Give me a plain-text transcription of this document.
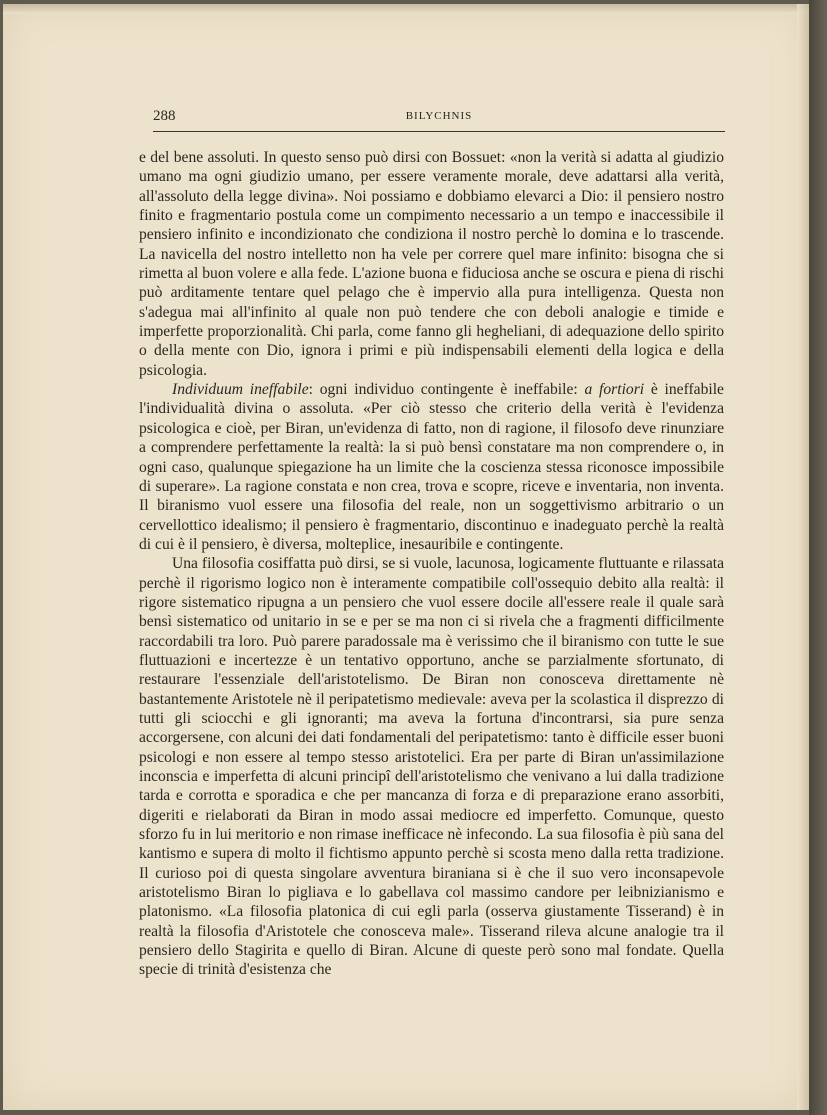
288	BILYCHNIS

e del bene assoluti. In questo senso può dirsi con Bossuet: «non la verità si adatta al giudizio umano ma ogni giudizio umano, per essere veramente morale, deve adattarsi alla verità, all'assoluto della legge divina». Noi possiamo e dobbiamo elevarci a Dio: il pensiero nostro finito e fragmentario postula come un compimento necessario a un tempo e inaccessibile il pensiero infinito e incondizionato che condiziona il nostro perchè lo domina e lo trascende. La navicella del nostro intelletto non ha vele per correre quel mare infinito: bisogna che si rimetta al buon volere e alla fede. L'azione buona e fiduciosa anche se oscura e piena di rischi può arditamente tentare quel pelago che è impervio alla pura intelligenza. Questa non s'adegua mai all'infinito al quale non può tendere che con deboli analogie e timide e imperfette proporzionalità. Chi parla, come fanno gli hegheliani, di adequazione dello spirito o della mente con Dio, ignora i primi e più indispensabili elementi della logica e della psicologia.

Individuum ineffabile: ogni individuo contingente è ineffabile: a fortiori è ineffabile l'individualità divina o assoluta. «Per ciò stesso che criterio della verità è l'evidenza psicologica e cioè, per Biran, un'evidenza di fatto, non di ragione, il filosofo deve rinunziare a comprendere perfettamente la realtà: la si può bensì constatare ma non comprendere o, in ogni caso, qualunque spiegazione ha un limite che la coscienza stessa riconosce impossibile di superare». La ragione constata e non crea, trova e scopre, riceve e inventaria, non inventa. Il biranismo vuol essere una filosofia del reale, non un soggettivismo arbitrario o un cervellottico idealismo; il pensiero è fragmentario, discontinuo e inadeguato perchè la realtà di cui è il pensiero, è diversa, molteplice, inesauribile e contingente.

Una filosofia cosiffatta può dirsi, se si vuole, lacunosa, logicamente fluttuante e rilassata perchè il rigorismo logico non è interamente compatibile coll'ossequio debito alla realtà: il rigore sistematico ripugna a un pensiero che vuol essere docile all'essere reale il quale sarà bensì sistematico od unitario in se e per se ma non ci si rivela che a fragmenti difficilmente raccordabili tra loro. Può parere paradossale ma è verissimo che il biranismo con tutte le sue fluttuazioni e incertezze è un tentativo opportuno, anche se parzialmente sfortunato, di restaurare l'essenziale dell'aristotelismo. De Biran non conosceva direttamente nè bastantemente Aristotele nè il peripatetismo medievale: aveva per la scolastica il disprezzo di tutti gli sciocchi e gli ignoranti; ma aveva la fortuna d'incontrarsi, sia pure senza accorgersene, con alcuni dei dati fondamentali del peripatetismo: tanto è difficile esser buoni psicologi e non essere al tempo stesso aristotelici. Era per parte di Biran un'assimilazione inconscia e imperfetta di alcuni principî dell'aristotelismo che venivano a lui dalla tradizione tarda e corrotta e sporadica e che per mancanza di forza e di preparazione erano assorbiti, digeriti e rielaborati da Biran in modo assai mediocre ed imperfetto. Comunque, questo sforzo fu in lui meritorio e non rimase inefficace nè infecondo. La sua filosofia è più sana del kantismo e supera di molto il fichtismo appunto perchè si scosta meno dalla retta tradizione. Il curioso poi di questa singolare avventura biraniana si è che il suo vero inconsapevole aristotelismo Biran lo pigliava e lo gabellava col massimo candore per leibnizianismo e platonismo. «La filosofia platonica di cui egli parla (osserva giustamente Tisserand) è in realtà la filosofia d'Aristotele che conosceva male». Tisserand rileva alcune analogie tra il pensiero dello Stagirita e quello di Biran. Alcune di queste però sono mal fondate. Quella specie di trinità d'esistenza che
